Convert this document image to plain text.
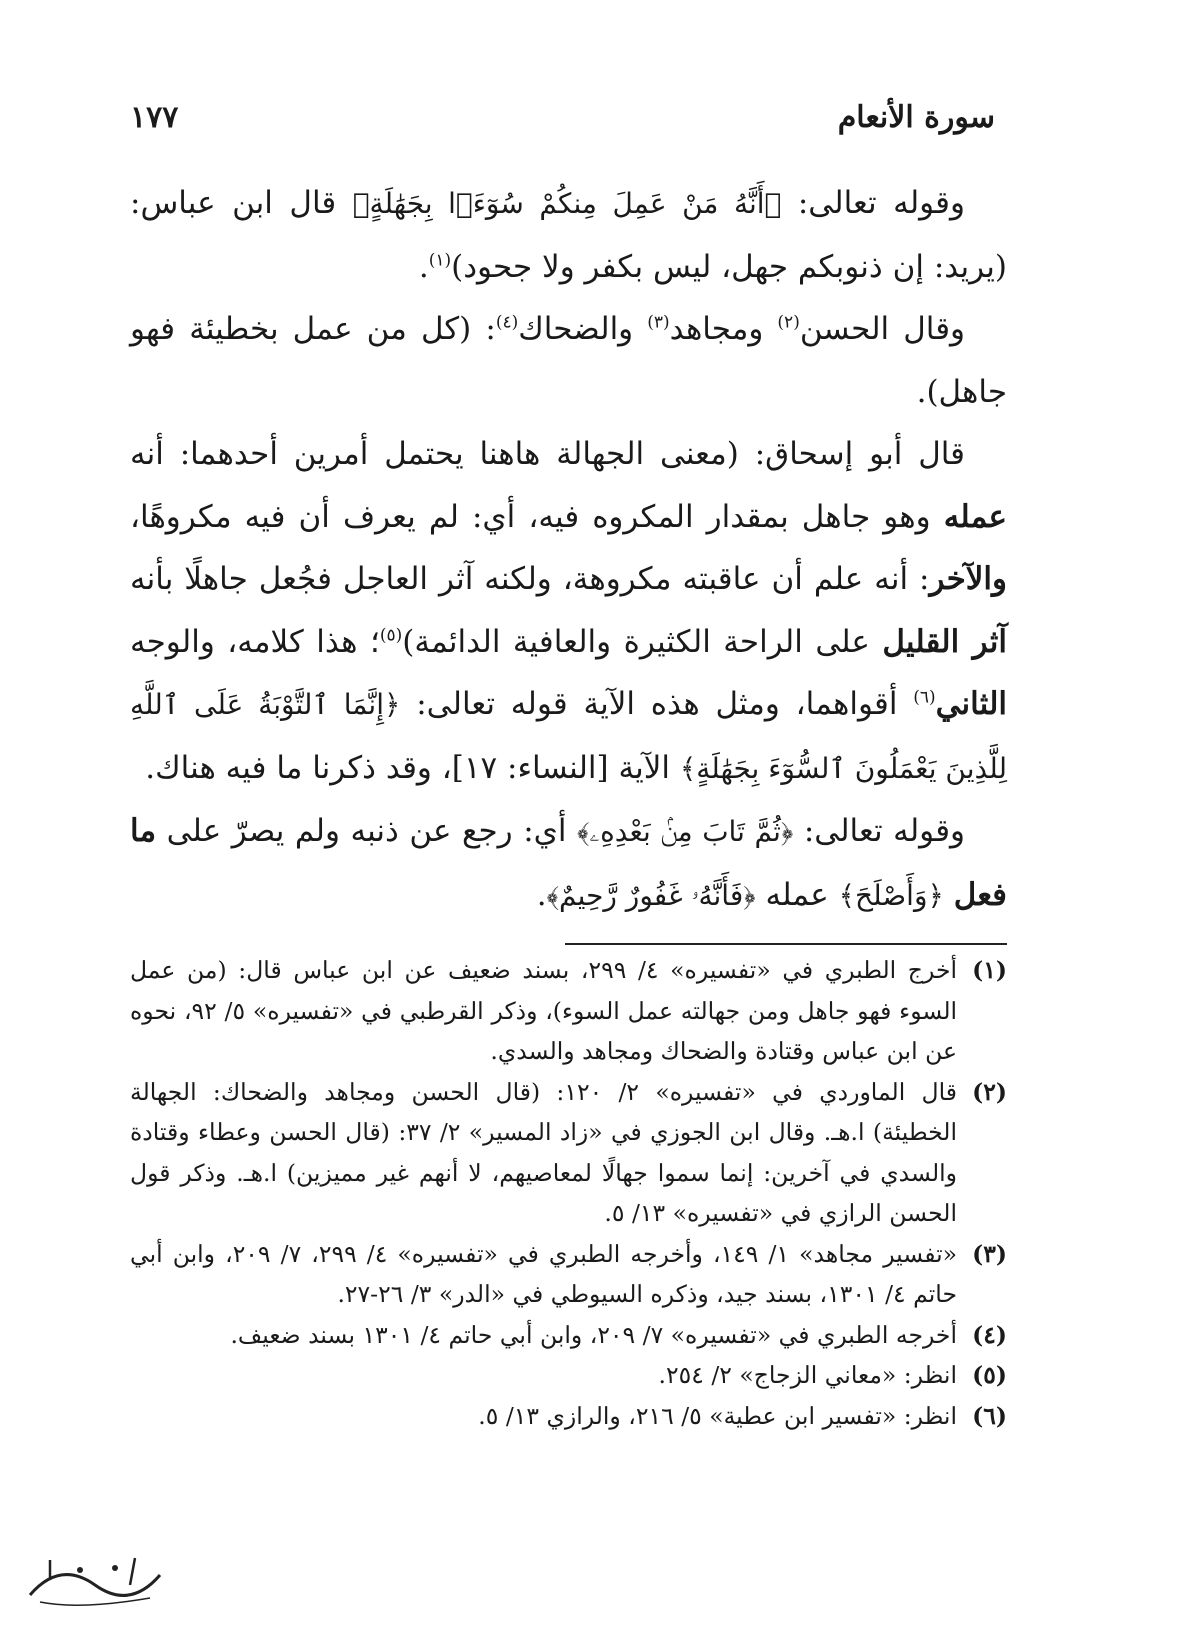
سورة الأنعام
١٧٧

وقوله تعالى: ﴿أَنَّهُ مَنْ عَمِلَ مِنكُمْ سُوٓءَۢا بِجَهَٰلَةٍ﴾ قال ابن عباس: (يريد: إن ذنوبكم جهل، ليس بكفر ولا جحود)$^{(١)}$.

وقال الحسن$^{(٢)}$ ومجاهد$^{(٣)}$ والضحاك$^{(٤)}$: (كل من عمل بخطيئة فهو جاهل).

قال أبو إسحاق: (معنى الجهالة هاهنا يحتمل أمرين أحدهما: أنه عمله وهو جاهل بمقدار المكروه فيه، أي: لم يعرف أن فيه مكروهًا، والآخر: أنه علم أن عاقبته مكروهة، ولكنه آثر العاجل فجُعل جاهلًا بأنه آثر القليل على الراحة الكثيرة والعافية الدائمة)$^{(٥)}$؛ هذا كلامه، والوجه الثاني$^{(٦)}$ أقواهما، ومثل هذه الآية قوله تعالى: ﴿إِنَّمَا ٱلتَّوْبَةُ عَلَى ٱللَّهِ لِلَّذِينَ يَعْمَلُونَ ٱلسُّوٓءَ بِجَهَٰلَةٍ﴾ الآية [النساء: ١٧]، وقد ذكرنا ما فيه هناك.

وقوله تعالى: ﴿ثُمَّ تَابَ مِنۢ بَعْدِهِۦ﴾ أي: رجع عن ذنبه ولم يصرّ على ما فعل ﴿وَأَصْلَحَ﴾ عمله ﴿فَأَنَّهُۥ غَفُورٌ رَّحِيمٌ﴾.

(١)
أخرج الطبري في «تفسيره» ٤/ ٢٩٩، بسند ضعيف عن ابن عباس قال: (من عمل السوء فهو جاهل ومن جهالته عمل السوء)، وذكر القرطبي في «تفسيره» ٥/ ٩٢، نحوه عن ابن عباس وقتادة والضحاك ومجاهد والسدي.
(٢)
قال الماوردي في «تفسيره» ٢/ ١٢٠: (قال الحسن ومجاهد والضحاك: الجهالة الخطيئة) ا.هـ. وقال ابن الجوزي في «زاد المسير» ٢/ ٣٧: (قال الحسن وعطاء وقتادة والسدي في آخرين: إنما سموا جهالًا لمعاصيهم، لا أنهم غير مميزين) ا.هـ. وذكر قول الحسن الرازي في «تفسيره» ١٣/ ٥.
(٣)
«تفسير مجاهد» ١/ ١٤٩، وأخرجه الطبري في «تفسيره» ٤/ ٢٩٩، ٧/ ٢٠٩، وابن أبي حاتم ٤/ ١٣٠١، بسند جيد، وذكره السيوطي في «الدر» ٣/ ٢٦-٢٧.
(٤)
أخرجه الطبري في «تفسيره» ٧/ ٢٠٩، وابن أبي حاتم ٤/ ١٣٠١ بسند ضعيف.
(٥)
انظر: «معاني الزجاج» ٢/ ٢٥٤.
(٦)
انظر: «تفسير ابن عطية» ٥/ ٢١٦، والرازي ١٣/ ٥.
